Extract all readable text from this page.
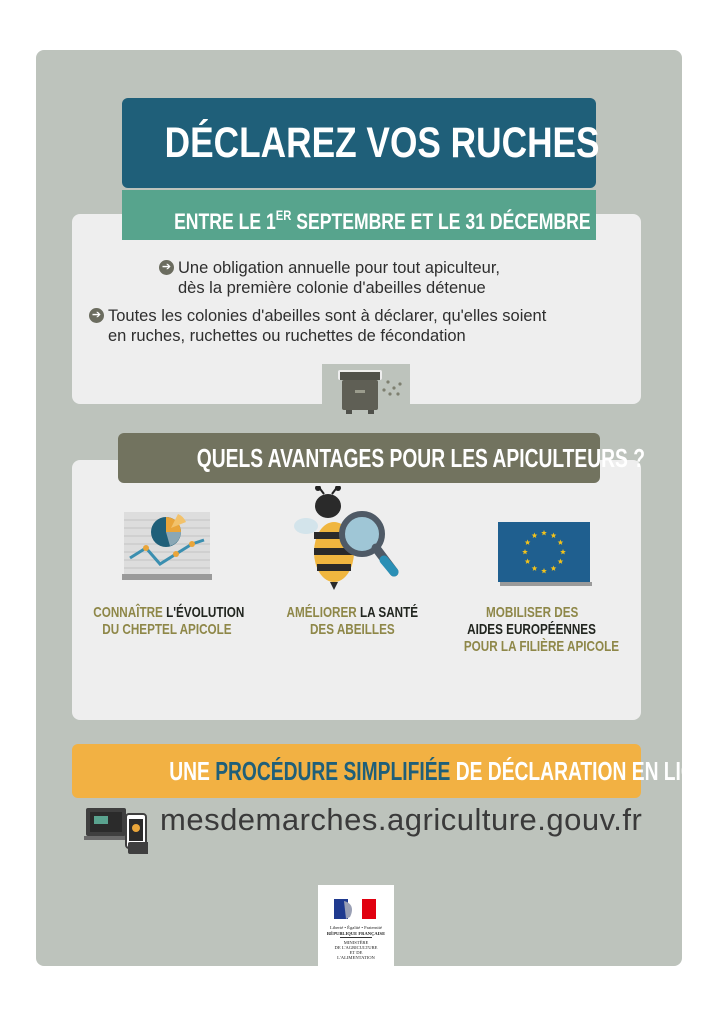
➔ Une obligation annuelle pour tout apiculteur,
dès la première colonie d'abeilles détenue
➔ Toutes les colonies d'abeilles sont à déclarer, qu'elles soient
en ruches, ruchettes ou ruchettes de fécondation
DÉCLAREZ VOS RUCHES
ENTRE LE 1ER SEPTEMBRE ET LE 31 DÉCEMBRE
CONNAÎTRE L'ÉVOLUTION
DU CHEPTEL APICOLE
AMÉLIORER LA SANTÉ
DES ABEILLES
MOBILISER DES
AIDES EUROPÉENNES
POUR LA FILIÈRE APICOLE
QUELS AVANTAGES POUR LES APICULTEURS ?
UNE PROCÉDURE SIMPLIFIÉE DE DÉCLARATION EN LIGNE
mesdemarches.agriculture.gouv.fr
Liberté • Égalité • Fraternité
RÉPUBLIQUE FRANÇAISE
MINISTÈRE
DE L'AGRICULTURE
ET DE
L'ALIMENTATION
